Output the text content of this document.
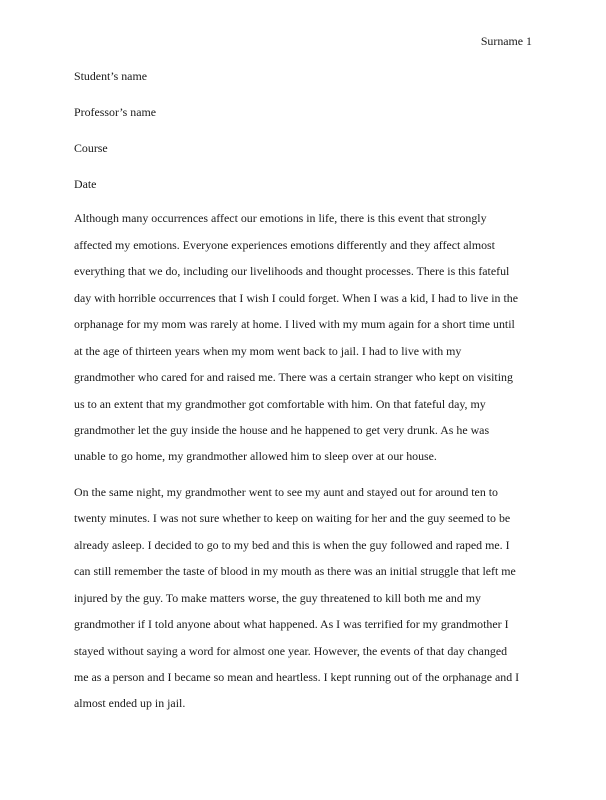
Surname 1
Student’s name
Professor’s name
Course
Date
Although many occurrences affect our emotions in life, there is this event that strongly
affected my emotions. Everyone experiences emotions differently and they affect almost
everything that we do, including our livelihoods and thought processes. There is this fateful
day with horrible occurrences that I wish I could forget. When I was a kid, I had to live in the
orphanage for my mom was rarely at home. I lived with my mum again for a short time until
at the age of thirteen years when my mom went back to jail. I had to live with my
grandmother who cared for and raised me. There was a certain stranger who kept on visiting
us to an extent that my grandmother got comfortable with him. On that fateful day, my
grandmother let the guy inside the house and he happened to get very drunk. As he was
unable to go home, my grandmother allowed him to sleep over at our house.
On the same night, my grandmother went to see my aunt and stayed out for around ten to
twenty minutes. I was not sure whether to keep on waiting for her and the guy seemed to be
already asleep. I decided to go to my bed and this is when the guy followed and raped me. I
can still remember the taste of blood in my mouth as there was an initial struggle that left me
injured by the guy. To make matters worse, the guy threatened to kill both me and my
grandmother if I told anyone about what happened. As I was terrified for my grandmother I
stayed without saying a word for almost one year. However, the events of that day changed
me as a person and I became so mean and heartless. I kept running out of the orphanage and I
almost ended up in jail.
